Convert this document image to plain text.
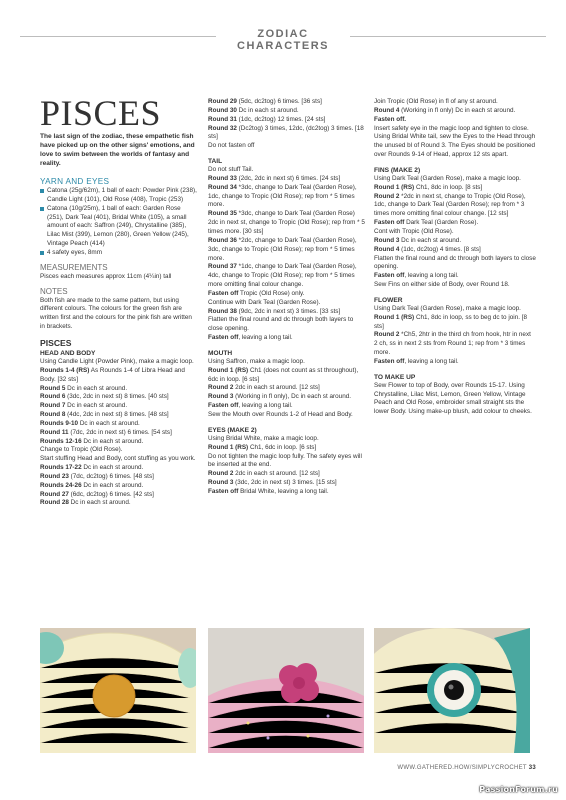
ZODIAC CHARACTERS
PISCES
The last sign of the zodiac, these empathetic fish have picked up on the other signs' emotions, and love to swim between the worlds of fantasy and reality.
YARN AND EYES
Catona (25g/62m), 1 ball of each: Powder Pink (238), Candle Light (101), Old Rose (408), Tropic (253)
Catona (10g/25m), 1 ball of each: Garden Rose (251), Dark Teal (401), Bridal White (105), a small amount of each: Saffron (249), Chrystalline (385), Lilac Mist (399), Lemon (280), Green Yellow (245), Vintage Peach (414)
4 safety eyes, 8mm
MEASUREMENTS
Pisces each measures approx 11cm (4¼in) tall
NOTES
Both fish are made to the same pattern, but using different colours. The colours for the green fish are written first and the colours for the pink fish are written in brackets.
PISCES
HEAD AND BODY

Using Candle Light (Powder Pink), make a magic loop.

Rounds 1-4 (RS) As Rounds 1-4 of Libra Head and Body. [32 sts]

Round 5 Dc in each st around.

Round 6 (3dc, 2dc in next st) 8 times. [40 sts]

Round 7 Dc in each st around.

Round 8 (4dc, 2dc in next st) 8 times. [48 sts]

Rounds 9-10 Dc in each st around.

Round 11 (7dc, 2dc in next st) 6 times. [54 sts]

Rounds 12-16 Dc in each st around.

Change to Tropic (Old Rose).

Start stuffing Head and Body, cont stuffing as you work.

Rounds 17-22 Dc in each st around.

Round 23 (7dc, dc2tog) 6 times. [48 sts]

Rounds 24-26 Dc in each st around.

Round 27 (6dc, dc2tog) 6 times. [42 sts]

Round 28 Dc in each st around.

Round 29 (5dc, dc2tog) 6 times. [36 sts]

Round 30 Dc in each st around.

Round 31 (1dc, dc2tog) 12 times. [24 sts]

Round 32 (Dc2tog) 3 times, 12dc, (dc2tog) 3 times. [18 sts]

Do not fasten off

TAIL

Do not stuff Tail.

Round 33 (2dc, 2dc in next st) 6 times. [24 sts]

Round 34 *3dc, change to Dark Teal (Garden Rose), 1dc, change to Tropic (Old Rose); rep from * 5 times more.

Round 35 *3dc, change to Dark Teal (Garden Rose) 2dc in next st, change to Tropic (Old Rose); rep from * 5 times more. [30 sts]

Round 36 *2dc, change to Dark Teal (Garden Rose), 3dc, change to Tropic (Old Rose); rep from * 5 times more.

Round 37 *1dc, change to Dark Teal (Garden Rose), 4dc, change to Tropic (Old Rose); rep from * 5 times more omitting final colour change.

Fasten off Tropic (Old Rose) only.

Continue with Dark Teal (Garden Rose).

Round 38 (9dc, 2dc in next st) 3 times. [33 sts]

Flatten the final round and dc through both layers to close opening.

Fasten off, leaving a long tail.

MOUTH

Using Saffron, make a magic loop.

Round 1 (RS) Ch1 (does not count as st throughout), 6dc in loop. [6 sts]

Round 2 2dc in each st around. [12 sts]

Round 3 (Working in fl only), Dc in each st around.

Fasten off, leaving a long tail.

Sew the Mouth over Rounds 1-2 of Head and Body.

EYES (MAKE 2)

Using Bridal White, make a magic loop.

Round 1 (RS) Ch1, 6dc in loop. [6 sts]

Do not tighten the magic loop fully. The safety eyes will be inserted at the end.

Round 2 2dc in each st around. [12 sts]

Round 3 (3dc, 2dc in next st) 3 times. [15 sts]

Fasten off Bridal White, leaving a long tail.

Join Tropic (Old Rose) in fl of any st around.

Round 4 (Working in fl only) Dc in each st around.

Fasten off.

Insert safety eye in the magic loop and tighten to close.

Using Bridal White tail, sew the Eyes to the Head through the unused bl of Round 3. The Eyes should be positioned over Rounds 9-14 of Head, approx 12 sts apart.

FINS (MAKE 2)

Using Dark Teal (Garden Rose), make a magic loop.

Round 1 (RS) Ch1, 8dc in loop. [8 sts]

Round 2 *2dc in next st, change to Tropic (Old Rose), 1dc, change to Dark Teal (Garden Rose); rep from * 3 times more omitting final colour change. [12 sts]

Fasten off Dark Teal (Garden Rose).

Cont with Tropic (Old Rose).

Round 3 Dc in each st around.

Round 4 (1dc, dc2tog) 4 times. [8 sts]

Flatten the final round and dc through both layers to close opening.

Fasten off, leaving a long tail.

Sew Fins on either side of Body, over Round 18.

FLOWER

Using Dark Teal (Garden Rose), make a magic loop.

Round 1 (RS) Ch1, 8dc in loop, ss to beg dc to join. [8 sts]

Round 2 *Ch5, 2htr in the third ch from hook, htr in next 2 ch, ss in next 2 sts from Round 1; rep from * 3 times more.

Fasten off, leaving a long tail.

TO MAKE UP
Sew Flower to top of Body, over Rounds 15-17. Using Chrystalline, Lilac Mist, Lemon, Green Yellow, Vintage Peach and Old Rose, embroider small straight sts the lower Body. Using make-up blush, add colour to cheeks.
WWW.GATHERED.HOW/SIMPLYCROCHET 33
PassionForum.ru
